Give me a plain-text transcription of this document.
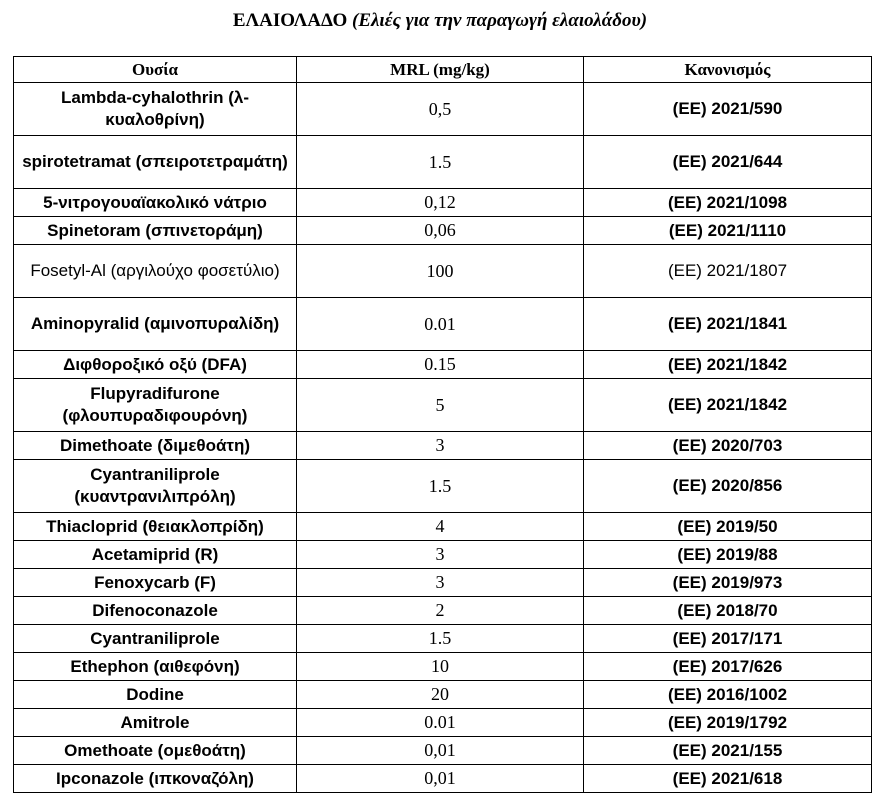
ΕΛΑΙΟΛΑΔΟ (Ελιές για την παραγωγή ελαιολάδου)
Ουσία	MRL (mg/kg)	Κανονισμός
Lambda-cyhalothrin (λ-κυαλοθρίνη)	0,5	(ΕΕ) 2021/590
spirotetramat (σπειροτετραμάτη)	1.5	(ΕΕ) 2021/644
5-νιτρογουαϊακολικό νάτριο	0,12	(ΕΕ) 2021/1098
Spinetoram (σπινετοράμη)	0,06	(ΕΕ) 2021/1110
Fosetyl-Al (αργιλούχο φοσετύλιο)	100	(ΕΕ) 2021/1807
Aminopyralid (αμινοπυραλίδη)	0.01	(ΕΕ) 2021/1841
Διφθοροξικό οξύ (DFA)	0.15	(ΕΕ) 2021/1842
Flupyradifurone (φλουπυραδιφουρόνη)	5	(ΕΕ) 2021/1842
Dimethoate (διμεθοάτη)	3	(ΕΕ) 2020/703
Cyantraniliprole (κυαντρανιλιπρόλη)	1.5	(ΕΕ) 2020/856
Thiacloprid (θειακλοπρίδη)	4	(ΕΕ) 2019/50
Acetamiprid (R)	3	(ΕΕ) 2019/88
Fenoxycarb (F)	3	(ΕΕ) 2019/973
Difenoconazole	2	(ΕΕ) 2018/70
Cyantraniliprole	1.5	(ΕΕ) 2017/171
Ethephon (αιθεφόνη)	10	(ΕΕ) 2017/626
Dodine	20	(ΕΕ) 2016/1002
Amitrole	0.01	(ΕΕ) 2019/1792
Omethoate (ομεθοάτη)	0,01	(ΕΕ) 2021/155
Ipconazole (ιπκοναζόλη)	0,01	(ΕΕ) 2021/618
